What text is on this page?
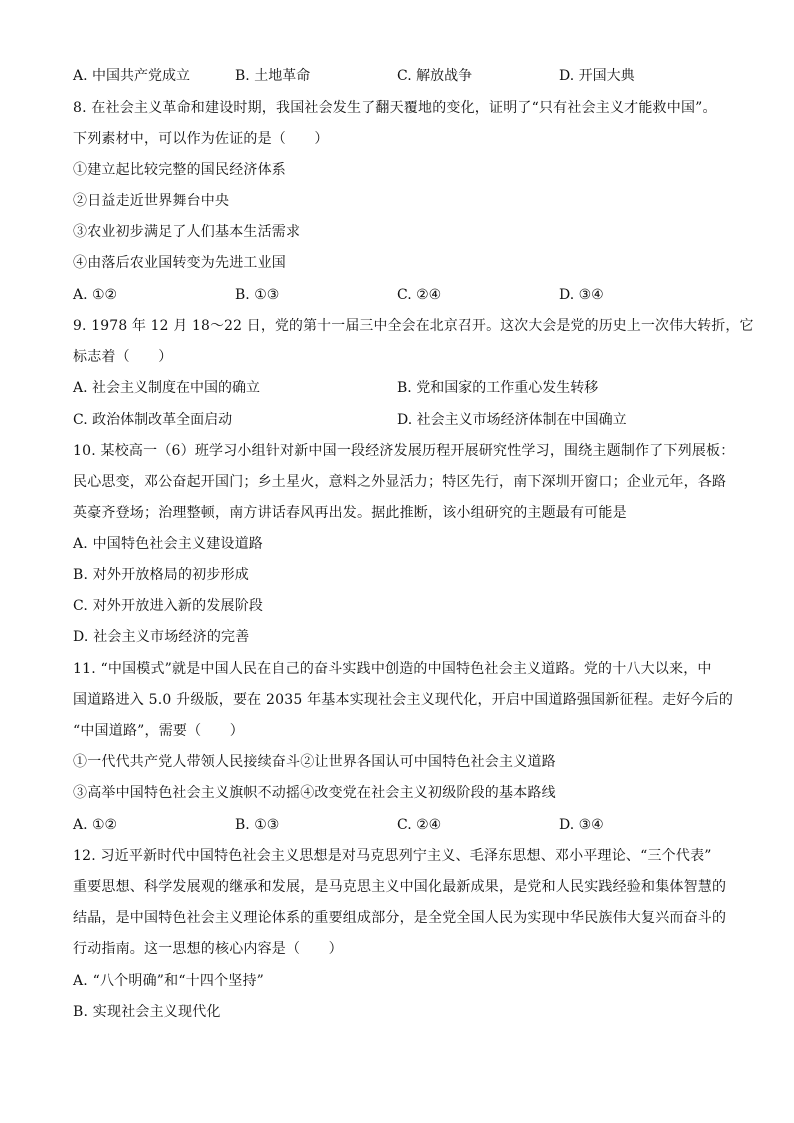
A. 中国共产党成立	B. 土地革命	C. 解放战争	D. 开国大典
8. 在社会主义革命和建设时期，我国社会发生了翻天覆地的变化，证明了“只有社会主义才能救中国”。
下列素材中，可以作为佐证的是（　　）
①建立起比较完整的国民经济体系
②日益走近世界舞台中央
③农业初步满足了人们基本生活需求
④由落后农业国转变为先进工业国
A. ①②	B. ①③	C. ②④	D. ③④
9. 1978 年 12 月 18～22 日，党的第十一届三中全会在北京召开。这次大会是党的历史上一次伟大转折，它
标志着（　　）
A. 社会主义制度在中国的确立	B. 党和国家的工作重心发生转移
C. 政治体制改革全面启动	D. 社会主义市场经济体制在中国确立
10. 某校高一（6）班学习小组针对新中国一段经济发展历程开展研究性学习，围绕主题制作了下列展板：
民心思变，邓公奋起开国门；乡土星火，意料之外显活力；特区先行，南下深圳开窗口；企业元年，各路
英豪齐登场；治理整顿，南方讲话春风再出发。据此推断，该小组研究的主题最有可能是
A. 中国特色社会主义建设道路
B. 对外开放格局的初步形成
C. 对外开放进入新的发展阶段
D. 社会主义市场经济的完善
11. “中国模式”就是中国人民在自己的奋斗实践中创造的中国特色社会主义道路。党的十八大以来，中
国道路进入 5.0 升级版，要在 2035 年基本实现社会主义现代化，开启中国道路强国新征程。走好今后的
“中国道路”，需要（　　）
①一代代共产党人带领人民接续奋斗②让世界各国认可中国特色社会主义道路
③高举中国特色社会主义旗帜不动摇④改变党在社会主义初级阶段的基本路线
A. ①②	B. ①③	C. ②④	D. ③④
12. 习近平新时代中国特色社会主义思想是对马克思列宁主义、毛泽东思想、邓小平理论、“三个代表”
重要思想、科学发展观的继承和发展，是马克思主义中国化最新成果，是党和人民实践经验和集体智慧的
结晶，是中国特色社会主义理论体系的重要组成部分，是全党全国人民为实现中华民族伟大复兴而奋斗的
行动指南。这一思想的核心内容是（　　）
A. “八个明确”和“十四个坚持”
B. 实现社会主义现代化
